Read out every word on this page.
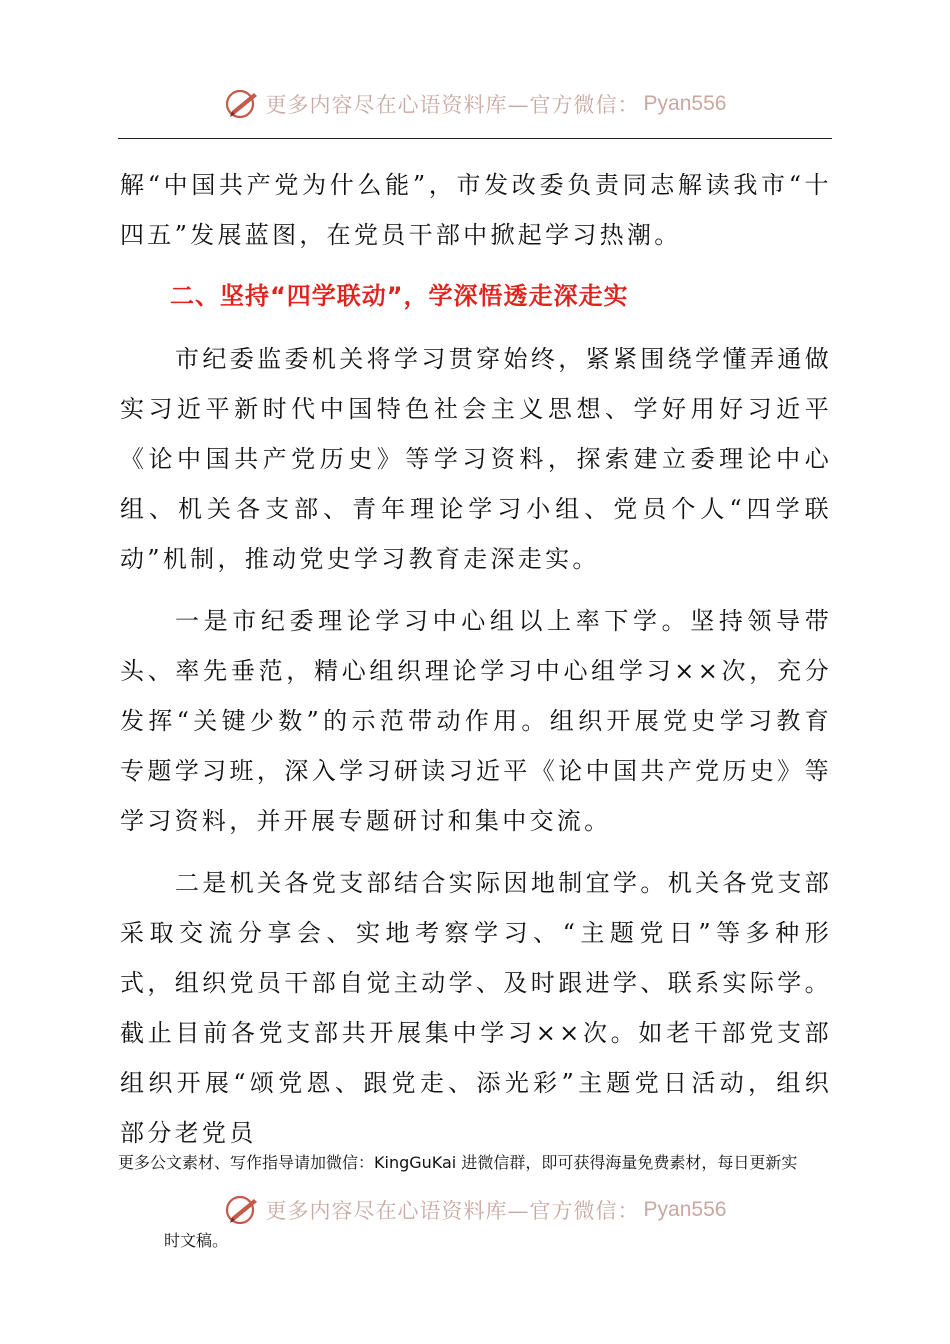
更多内容尽在心语资料库—官方微信： Pyan556

解“中国共产党为什么能”，市发改委负责同志解读我市“十四五”发展蓝图，在党员干部中掀起学习热潮。

二、坚持“四学联动”，学深悟透走深走实

市纪委监委机关将学习贯穿始终，紧紧围绕学懂弄通做实习近平新时代中国特色社会主义思想、学好用好习近平《论中国共产党历史》等学习资料，探索建立委理论中心组、机关各支部、青年理论学习小组、党员个人“四学联动”机制，推动党史学习教育走深走实。

一是市纪委理论学习中心组以上率下学。坚持领导带头、率先垂范，精心组织理论学习中心组学习××次，充分发挥“关键少数”的示范带动作用。组织开展党史学习教育专题学习班，深入学习研读习近平《论中国共产党历史》等学习资料，并开展专题研讨和集中交流。

二是机关各党支部结合实际因地制宜学。机关各党支部采取交流分享会、实地考察学习、“主题党日”等多种形式，组织党员干部自觉主动学、及时跟进学、联系实际学。截止目前各党支部共开展集中学习××次。如老干部党支部组织开展“颂党恩、跟党走、添光彩”主题党日活动，组织部分老党员

更多公文素材、写作指导请加微信：KingGuKai 进微信群，即可获得海量免费素材，每日更新实
更多内容尽在心语资料库—官方微信： Pyan556
时文稿。
